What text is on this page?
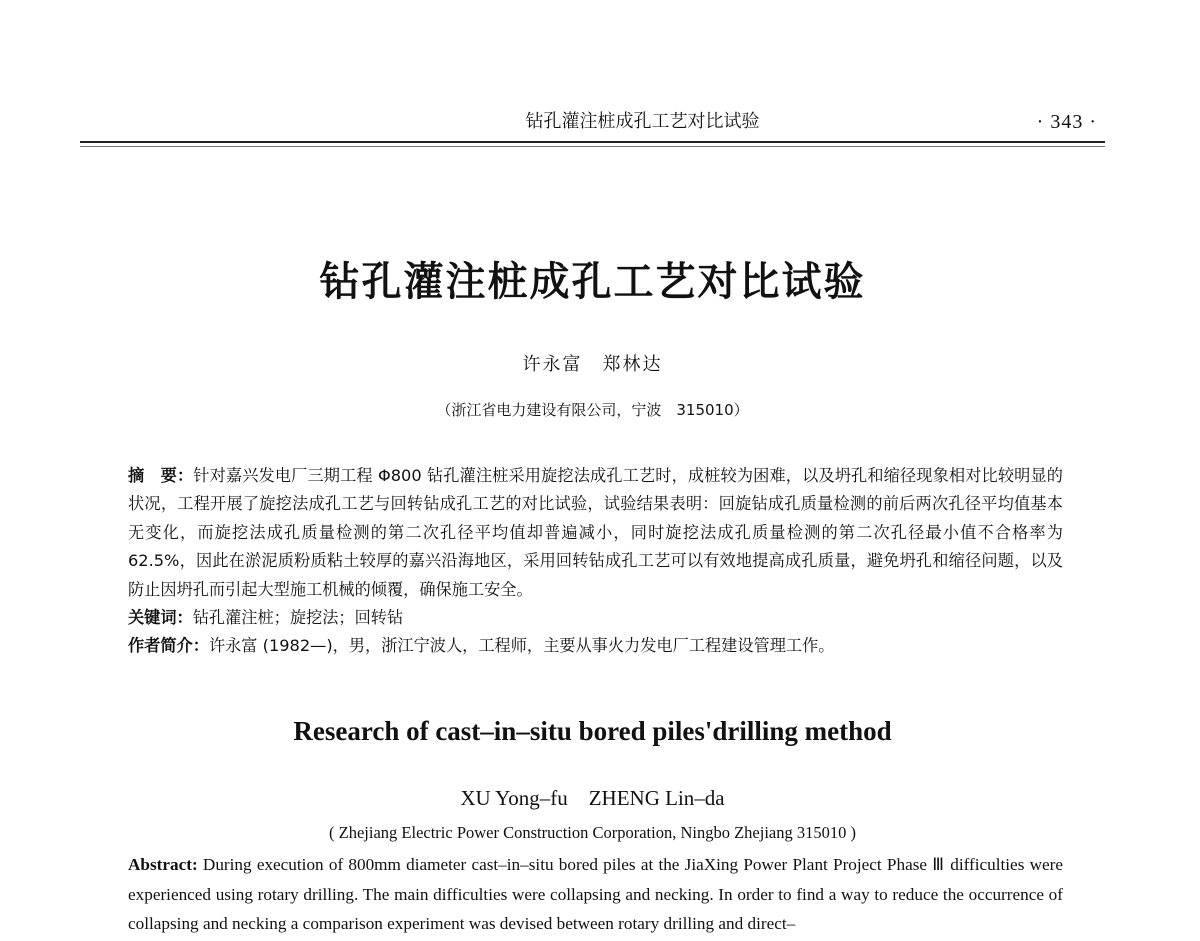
钻孔灌注桩成孔工艺对比试验	· 343 ·
钻孔灌注桩成孔工艺对比试验
许永富　郑林达
（浙江省电力建设有限公司，宁波　315010）

摘　要：针对嘉兴发电厂三期工程 Φ800 钻孔灌注桩采用旋挖法成孔工艺时，成桩较为困难，以及坍孔和缩径现象相对比较明显的状况，工程开展了旋挖法成孔工艺与回转钻成孔工艺的对比试验，试验结果表明：回旋钻成孔质量检测的前后两次孔径平均值基本无变化，而旋挖法成孔质量检测的第二次孔径平均值却普遍减小，同时旋挖法成孔质量检测的第二次孔径最小值不合格率为 62.5%，因此在淤泥质粉质粘土较厚的嘉兴沿海地区，采用回转钻成孔工艺可以有效地提高成孔质量，避免坍孔和缩径问题，以及防止因坍孔而引起大型施工机械的倾覆，确保施工安全。

关键词：钻孔灌注桩；旋挖法；回转钻

作者简介：许永富 (1982—)，男，浙江宁波人，工程师，主要从事火力发电厂工程建设管理工作。

Research of cast–in–situ bored piles'drilling method
XU Yong–fu　ZHENG Lin–da
( Zhejiang Electric Power Construction Corporation, Ningbo Zhejiang 315010 )

Abstract: During execution of 800mm diameter cast–in–situ bored piles at the JiaXing Power Plant Project Phase Ⅲ difficulties were experienced using rotary drilling. The main difficulties were collapsing and necking. In order to find a way to reduce the occurrence of collapsing and necking a comparison experiment was devised between rotary drilling and direct–
